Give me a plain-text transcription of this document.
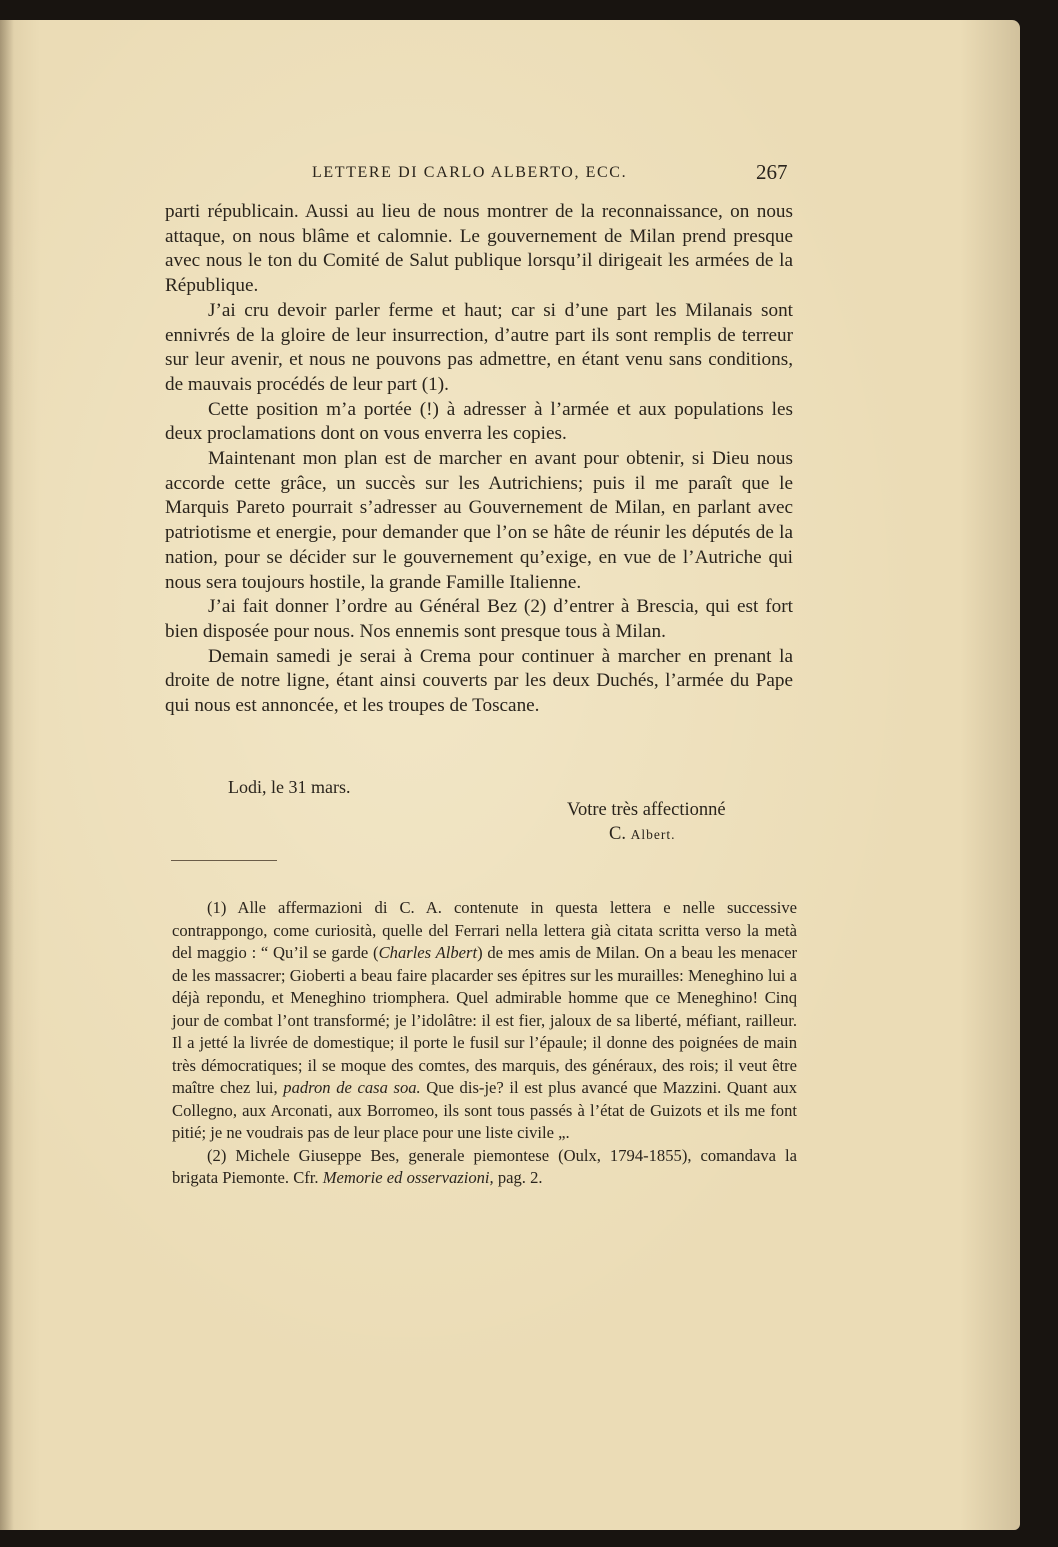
LETTERE DI CARLO ALBERTO, ECC.	267

parti républicain. Aussi au lieu de nous montrer de la reconnaissance, on nous attaque, on nous blâme et calomnie. Le gouvernement de Milan prend presque avec nous le ton du Comité de Salut publique lorsqu’il dirigeait les armées de la République.

J’ai cru devoir parler ferme et haut; car si d’une part les Milanais sont ennivrés de la gloire de leur insurrection, d’autre part ils sont remplis de terreur sur leur avenir, et nous ne pouvons pas admettre, en étant venu sans conditions, de mauvais procédés de leur part (1).

Cette position m’a portée (!) à adresser à l’armée et aux populations les deux proclamations dont on vous enverra les copies.

Maintenant mon plan est de marcher en avant pour obtenir, si Dieu nous accorde cette grâce, un succès sur les Autrichiens; puis il me paraît que le Marquis Pareto pourrait s’adresser au Gouvernement de Milan, en parlant avec patriotisme et energie, pour demander que l’on se hâte de réunir les députés de la nation, pour se décider sur le gouvernement qu’exige, en vue de l’Autriche qui nous sera toujours hostile, la grande Famille Italienne.

J’ai fait donner l’ordre au Général Bez (2) d’entrer à Brescia, qui est fort bien disposée pour nous. Nos ennemis sont presque tous à Milan.

Demain samedi je serai à Crema pour continuer à marcher en prenant la droite de notre ligne, étant ainsi couverts par les deux Duchés, l’armée du Pape qui nous est annoncée, et les troupes de Toscane.

Lodi, le 31 mars.
Votre très affectionné
C. Albert.

(1) Alle affermazioni di C. A. contenute in questa lettera e nelle successive contrappongo, come curiosità, quelle del Ferrari nella lettera già citata scritta verso la metà del maggio : “ Qu’il se garde (Charles Albert) de mes amis de Milan. On a beau les menacer de les massacrer; Gioberti a beau faire placarder ses épitres sur les murailles: Meneghino lui a déjà repondu, et Meneghino triomphera. Quel admirable homme que ce Meneghino! Cinq jour de combat l’ont transformé; je l’idolâtre: il est fier, jaloux de sa liberté, méfiant, railleur. Il a jetté la livrée de domestique; il porte le fusil sur l’épaule; il donne des poignées de main très démocratiques; il se moque des comtes, des marquis, des généraux, des rois; il veut être maître chez lui, padron de casa soa. Que dis-je? il est plus avancé que Mazzini. Quant aux Collegno, aux Arconati, aux Borromeo, ils sont tous passés à l’état de Guizots et ils me font pitié; je ne voudrais pas de leur place pour une liste civile „.

(2) Michele Giuseppe Bes, generale piemontese (Oulx, 1794-1855), comandava la brigata Piemonte. Cfr. Memorie ed osservazioni, pag. 2.
